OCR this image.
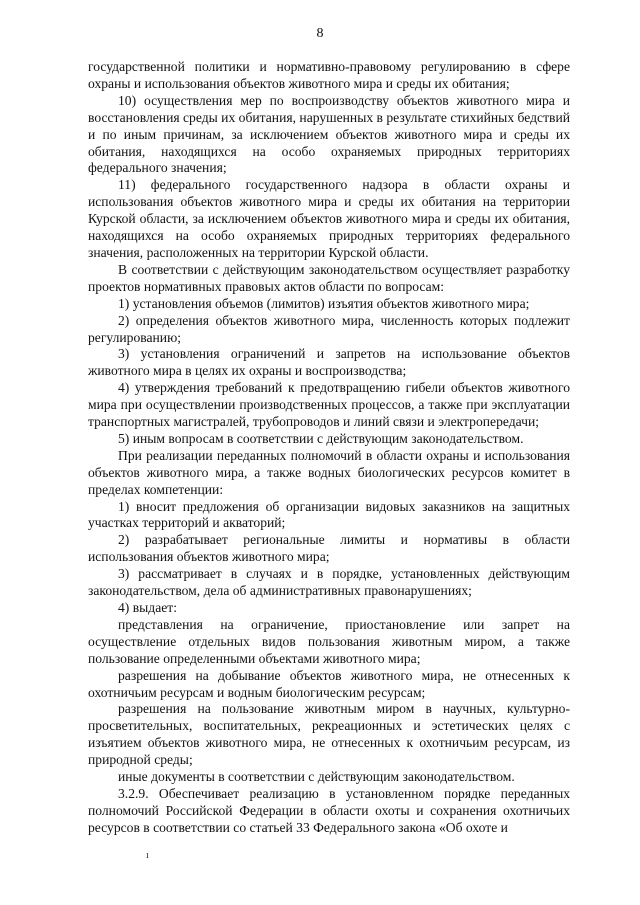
8

государственной политики и нормативно-правовому регулированию в сфере охраны и использования объектов животного мира и среды их обитания;

10) осуществления мер по воспроизводству объектов животного мира и восстановления среды их обитания, нарушенных в результате стихийных бедствий и по иным причинам, за исключением объектов животного мира и среды их обитания, находящихся на особо охраняемых природных территориях федерального значения;

11) федерального государственного надзора в области охраны и использования объектов животного мира и среды их обитания на территории Курской области, за исключением объектов животного мира и среды их обитания, находящихся на особо охраняемых природных территориях федерального значения, расположенных на территории Курской области.

В соответствии с действующим законодательством осуществляет разработку проектов нормативных правовых актов области по вопросам:

1) установления объемов (лимитов) изъятия объектов животного мира;

2) определения объектов животного мира, численность которых подлежит регулированию;

3) установления ограничений и запретов на использование объектов животного мира в целях их охраны и воспроизводства;

4) утверждения требований к предотвращению гибели объектов животного мира при осуществлении производственных процессов, а также при эксплуатации транспортных магистралей, трубопроводов и линий связи и электропередачи;

5) иным вопросам в соответствии с действующим законодательством.

При реализации переданных полномочий в области охраны и использования объектов животного мира, а также водных биологических ресурсов комитет в пределах компетенции:

1) вносит предложения об организации видовых заказников на защитных участках территорий и акваторий;

2) разрабатывает региональные лимиты и нормативы в области использования объектов животного мира;

3) рассматривает в случаях и в порядке, установленных действующим законодательством, дела об административных правонарушениях;

4) выдает:

представления на ограничение, приостановление или запрет на осуществление отдельных видов пользования животным миром, а также пользование определенными объектами животного мира;

разрешения на добывание объектов животного мира, не отнесенных к охотничьим ресурсам и водным биологическим ресурсам;

разрешения на пользование животным миром в научных, культурно-просветительных, воспитательных, рекреационных и эстетических целях с изъятием объектов животного мира, не отнесенных к охотничьим ресурсам, из природной среды;

иные документы в соответствии с действующим законодательством.

3.2.9. Обеспечивает реализацию в установленном порядке переданных полномочий Российской Федерации в области охоты и сохранения охотничьих ресурсов в соответствии со статьей 33 Федерального закона «Об охоте и

ı
